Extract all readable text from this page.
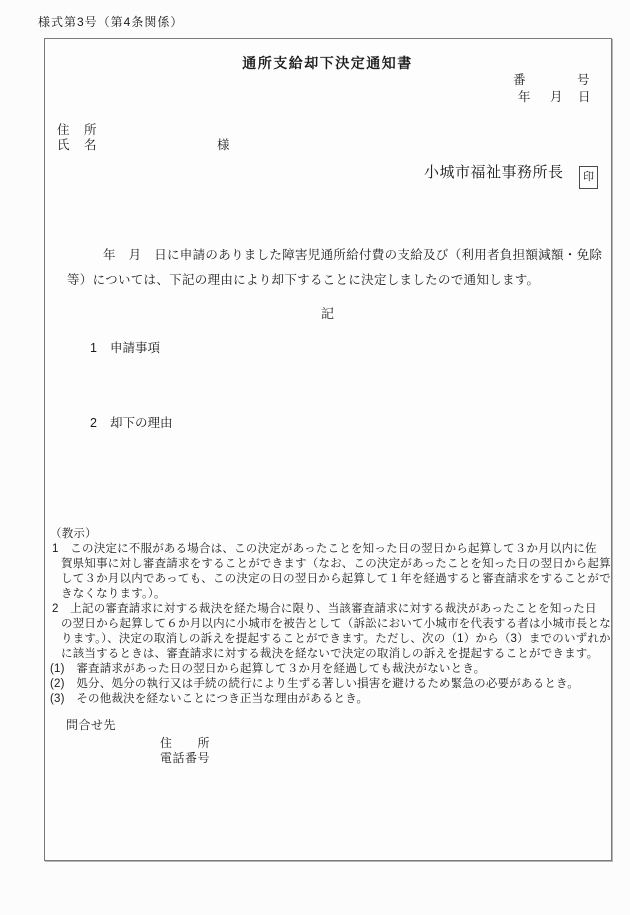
様式第3号（第4条関係）
通所支給却下決定通知書
番	号
年 月 日
住　所
氏　名	様
小城市福祉事務所長	印
年　月　日に申請のありました障害児通所給付費の支給及び（利用者負担額減額・免除
等）については、下記の理由により却下することに決定しましたので通知します。
記
1 申請事項
2 却下の理由
（教示）
1　この決定に不服がある場合は、この決定があったことを知った日の翌日から起算して３か月以内に佐
賀県知事に対し審査請求をすることができます（なお、この決定があったことを知った日の翌日から起算
して３か月以内であっても、この決定の日の翌日から起算して１年を経過すると審査請求をすることがで
きなくなります。）。
2　上記の審査請求に対する裁決を経た場合に限り、当該審査請求に対する裁決があったことを知った日
の翌日から起算して６か月以内に小城市を被告として（訴訟において小城市を代表する者は小城市長とな
ります。）、決定の取消しの訴えを提起することができます。ただし、次の（1）から（3）までのいずれか
に該当するときは、審査請求に対する裁決を経ないで決定の取消しの訴えを提起することができます。
(1)　審査請求があった日の翌日から起算して３か月を経過しても裁決がないとき。
(2)　処分、処分の執行又は手続の続行により生ずる著しい損害を避けるため緊急の必要があるとき。
(3)　その他裁決を経ないことにつき正当な理由があるとき。
問合せ先
住　　所
電話番号
